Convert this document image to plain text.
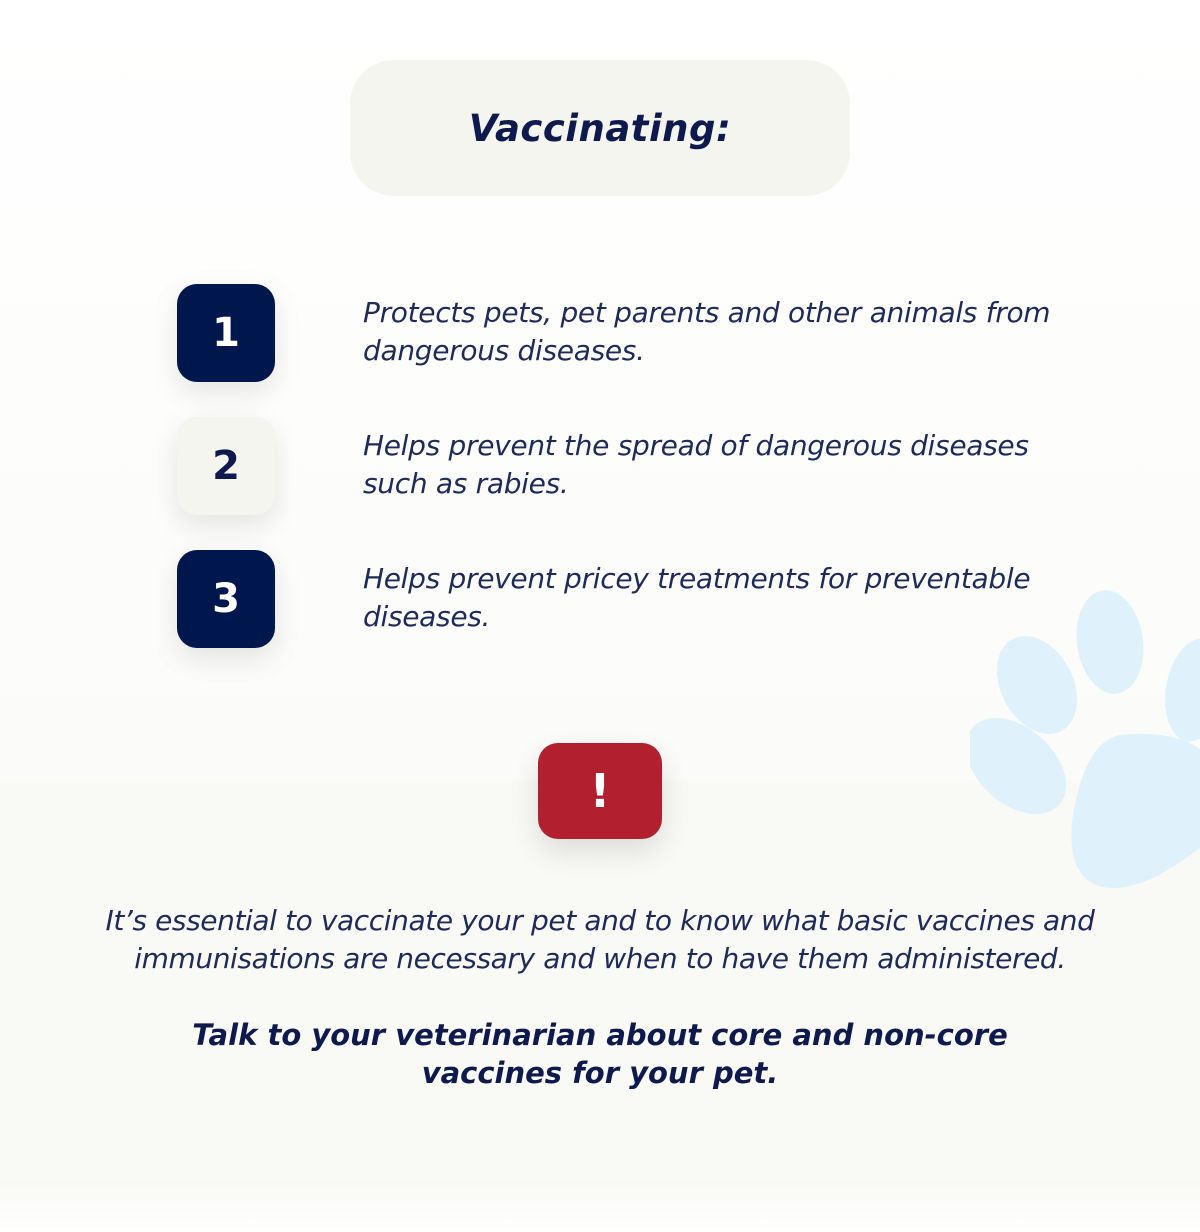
Vaccinating:
1	Protects pets, pet parents and other animals from dangerous diseases.
2	Helps prevent the spread of dangerous diseases such as rabies.
3	Helps prevent pricey treatments for preventable diseases.
!
It’s essential to vaccinate your pet and to know what basic vaccines and immunisations are necessary and when to have them administered.
Talk to your veterinarian about core and non-core vaccines for your pet.
